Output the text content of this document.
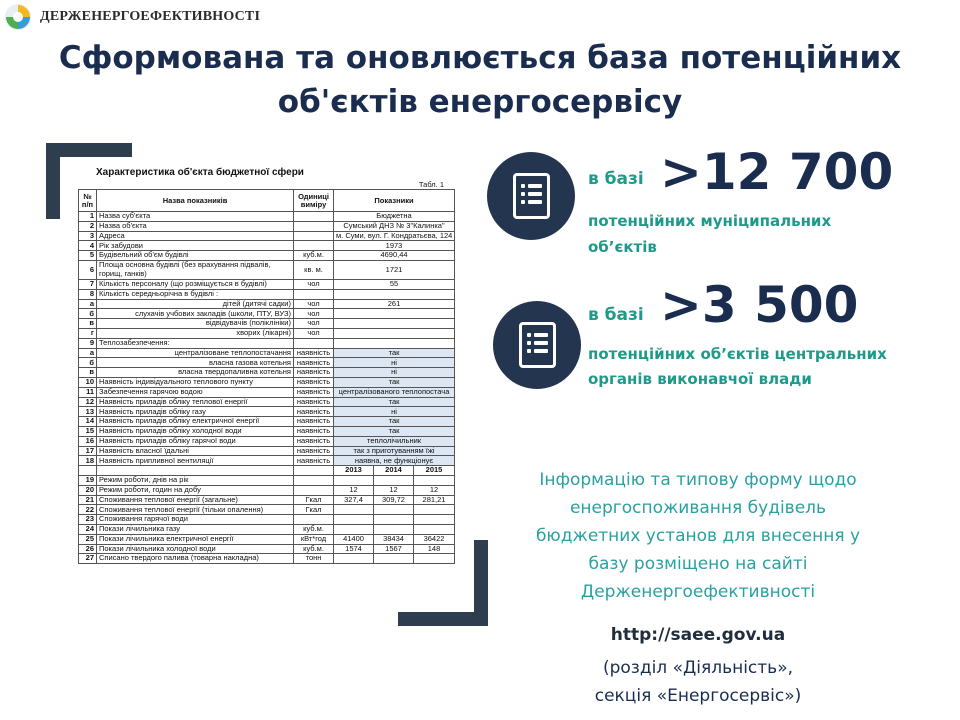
ДЕРЖЕНЕРГОЕФЕКТИВНОСТІ
Сформована та оновлюється база потенційних
об'єктів енергосервісу
Характеристика об'єкта бюджетної сфери
Табл. 1
№ п/п	Назва показників	Одиниці виміру	Показники		
1	Назва суб'єкта		Бюджетна		
2	Назва об'єкта		Сумський ДНЗ № 3"Калинка"		
3	Адреса		м. Суми, вул. Г. Кондратьєва, 124		
4	Рік забудови		1973		
5	Будівельний об'єм будівлі	куб.м.	4690,44		
6	Площа основна будівлі (без врахування підвалів, горищ, ганків)	кв. м.	1721		
7	Кількість персоналу (що розміщується в будівлі)	чол	55		
8	Кількість середньорічна в будівлі :				
а	дітей (дитячі садки)	чол	261		
б	слухачів учбових закладів (школи, ПТУ, ВУЗ)	чол			
в	відвідувачів (поліклініки)	чол			
г	хворих (лікарні)	чол			
9	Теплозабезпечення:				
а	централізоване теплопостачання	наявність	так		
б	власна газова котельня	наявність	ні		
в	власна твердопаливна котельня	наявність	ні		
10	Наявність індивідуального теплового пункту	наявність	так		
11	Забезпечення гарячою водою	наявність	централізованого теплопостача		
12	Наявність приладів обліку теплової енергії	наявність	так		
13	Наявність приладів обліку газу	наявність	ні		
14	Наявність приладів обліку електричної енергії	наявність	так		
15	Наявність приладів обліку холодної води	наявність	так		
16	Наявність приладів обліку гарячої води	наявність	теплолічильник		
17	Наявність власної їдальні	наявність	так з приготуванням їжі		
18	Наявність припливної вентиляції	наявність	наявна, не функціонує		
			2013	2014	2015
19	Режим роботи, днів на рік				
20	Режим роботи, годин на добу		12	12	12
21	Споживання теплової енергії (загальне)	Гкал	327,4	309,72	281,21
22	Споживання теплової енергії (тільки опалення)	Гкал			
23	Споживання гарячої води				
24	Покази лічильника газу	куб.м.			
25	Покази лічильника електричної енергії	кВт*год	41400	38434	36422
26	Покази лічильника холодної води	куб.м.	1574	1567	148
27	Списано твердого палива (товарна накладна)	тонн			
в базі >12 700
потенційних муніципальних
об’єктів
в базі >3 500
потенційних об’єктів центральних
органів виконавчої влади
Інформацію та типову форму щодо
енергоспоживання будівель
бюджетних установ для внесення у
базу розміщено на сайті
Держенергоефективності
http://saee.gov.ua
(розділ «Діяльність»,
секція «Енергосервіс»)
